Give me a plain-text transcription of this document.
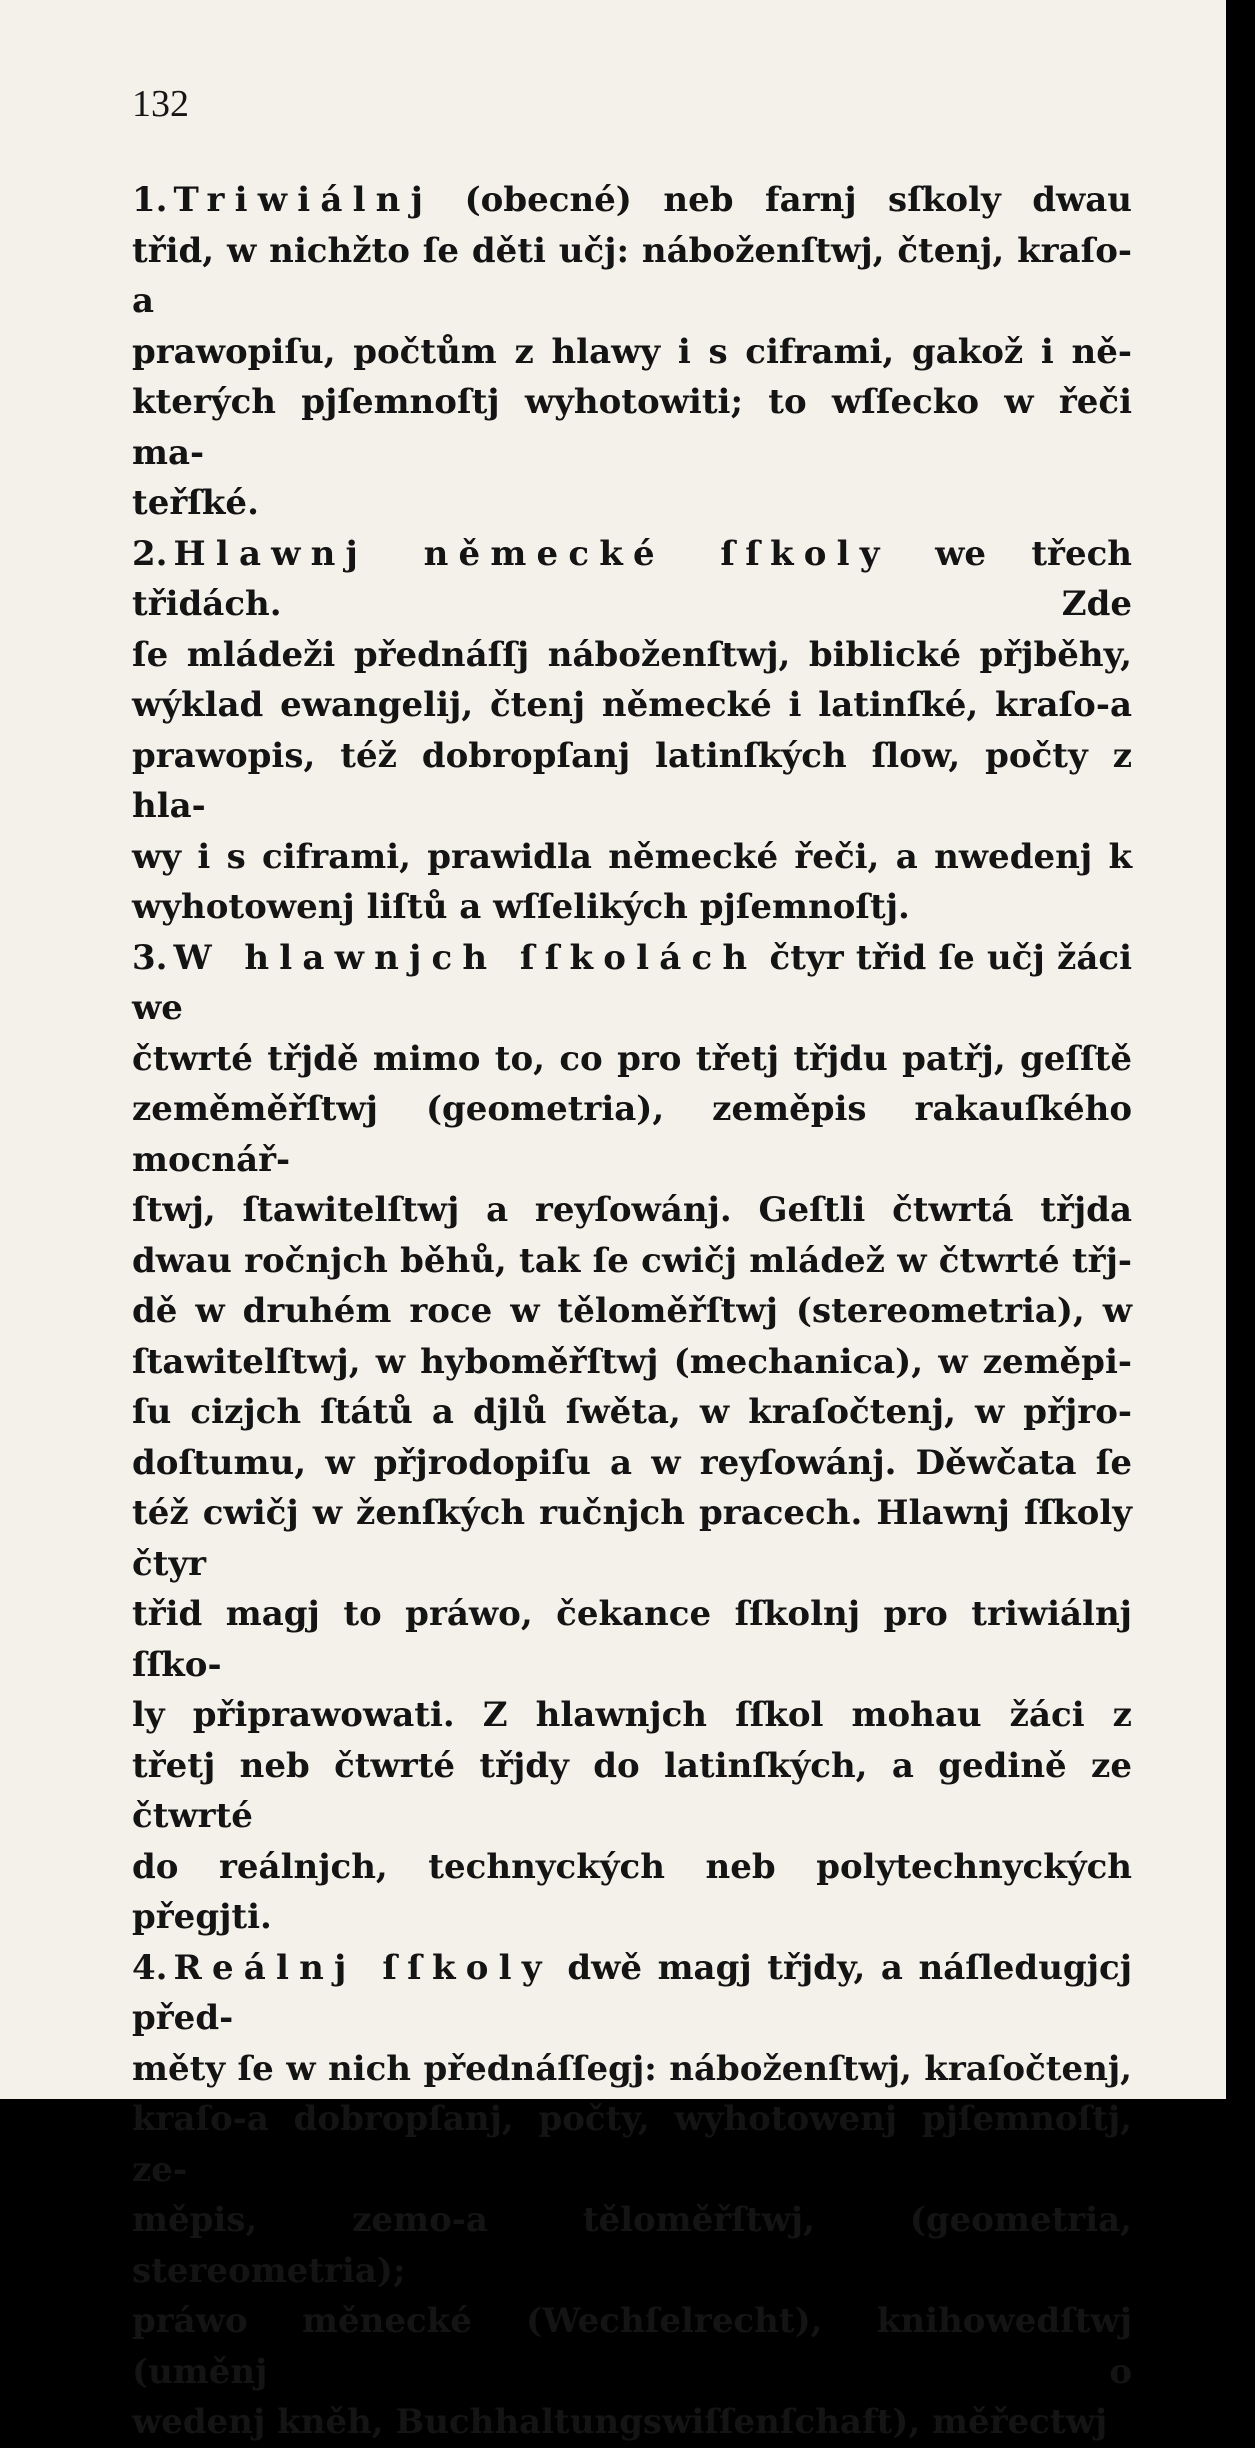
132

1. Triwiálnj (obecné) neb farnj sſkoly dwau

třid, w nichžto ſe děti učj: náboženſtwj, čtenj, kraſo-a

prawopiſu, počtům z hlawy i s ciframi, gakož i ně-

kterých pjſemnoſtj wyhotowiti; to wſſecko w řeči ma-

teřſké.

2. Hlawnj německé ſſkoly we třech třidách. Zde

ſe mládeži přednáſſj náboženſtwj, biblické přjběhy,

wýklad ewangelij, čtenj německé i latinſké, kraſo-a

prawopis, též dobropſanj latinſkých ſlow, počty z hla-

wy i s ciframi, prawidla německé řeči, a nwedenj k

wyhotowenj liſtů a wſſelikých pjſemnoſtj.

3. W hlawnjch ſſkolách čtyr třid ſe učj žáci we

čtwrté třjdě mimo to, co pro třetj třjdu patřj, geſſtě

zeměměřſtwj (geometria), zeměpis rakauſkého mocnář-

ſtwj, ſtawitelſtwj a reyſowánj. Geſtli čtwrtá třjda

dwau ročnjch běhů, tak ſe cwičj mládež w čtwrté třj-

dě w druhém roce w tělоměřſtwj (stereometria), w

ſtawitelſtwj, w hybоměřſtwj (mechanica), w zeměpi-

ſu cizjch ſtátů a djlů ſwěta, w kraſočtenj, w přjro-

doſtumu, w přjrodopiſu a w reyſowánj. Děwčata ſe

též cwičj w ženſkých ručnjch pracech. Hlawnj ſſkoly čtyr

třid magj to práwo, čekance ſſkolnj pro triwiálnj ſſko-

ly připrawowati. Z hlawnjch ſſkol mohau žáci z

třetj neb čtwrté třjdy do latinſkých, a gedině ze čtwrté

do reálnjch, technyckých neb polytechnyckých přegjti.

4. Reálnj ſſkoly dwě magj třjdy, a náſledugjcj před-

měty ſe w nich přednáſſegj: náboženſtwj, kraſočtenj,

kraſo-a dobropſanj, počty, wyhotowenj pjſemnoſtj, ze-

měpis, zemo-a tělоměřſtwj, (geometria, stereometria);

práwo měnecké (Wechſelrecht), knihowedſtwj (uměnj o

wedenj kněh, Buchhaltungswiſſenſchaft), měřectwj
